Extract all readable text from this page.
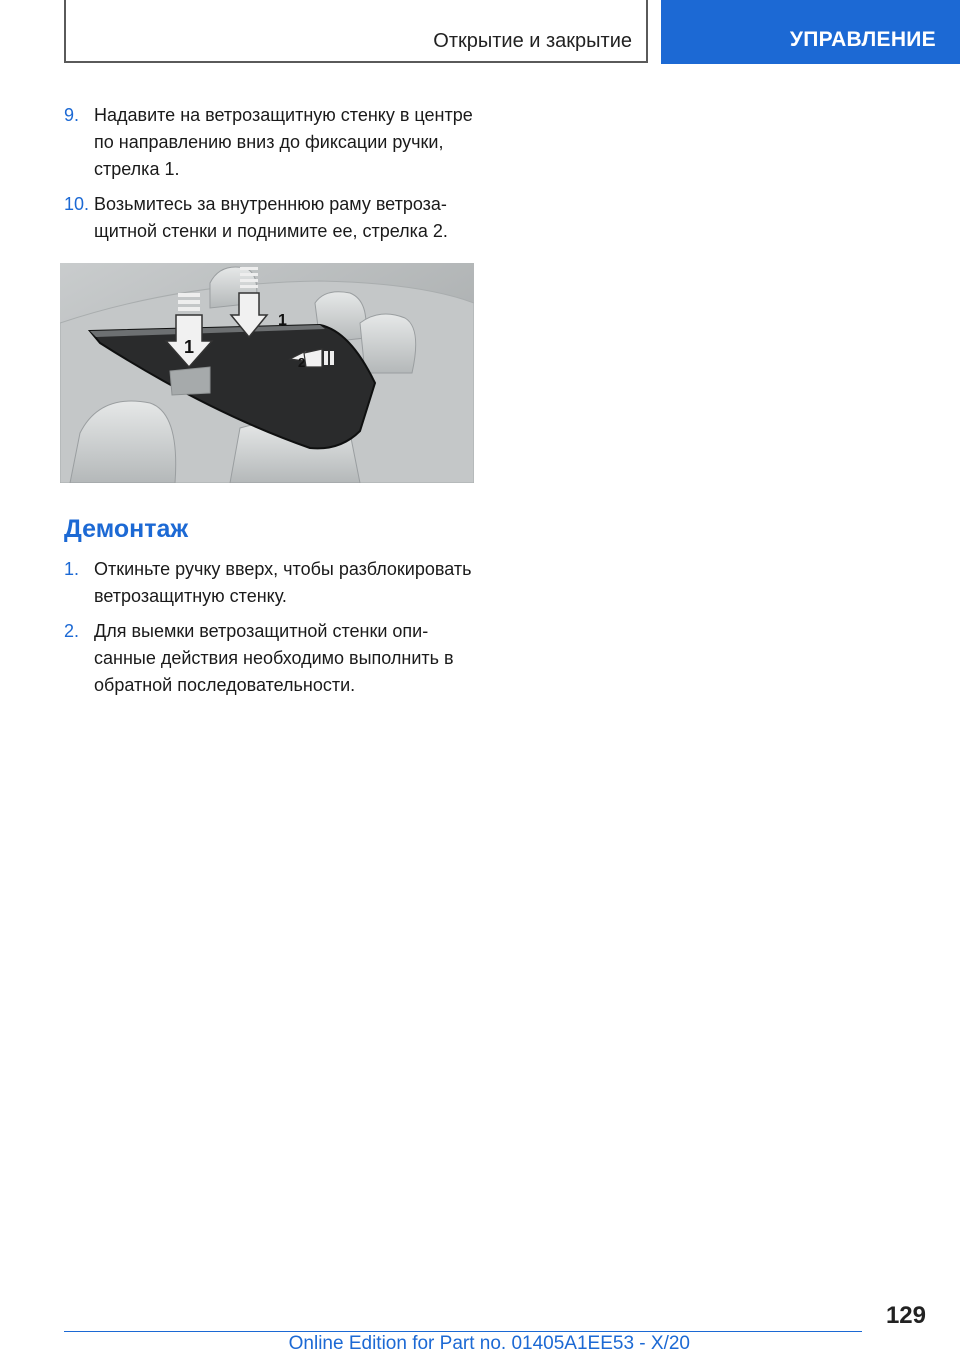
Открытие и закрытие	УПРАВЛЕНИЕ
9. Надавите на ветрозащитную стенку в центре по направлению вниз до фиксации ручки, стрелка 1.
10. Возьмитесь за внутреннюю раму ветрозащитной стенки и поднимите ее, стрелка 2.
1
1
2
Демонтаж
1. Откиньте ручку вверх, чтобы разблокировать ветрозащитную стенку.
2. Для выемки ветрозащитной стенки описанные действия необходимо выполнить в обратной последовательности.
129
Online Edition for Part no. 01405A1EE53 - X/20
